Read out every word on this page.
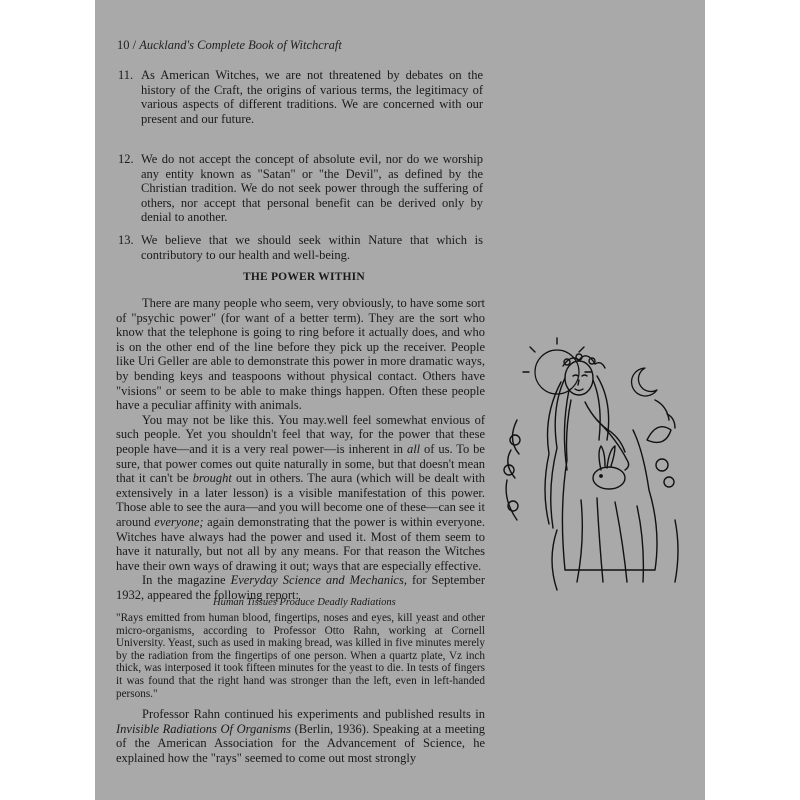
10 / Auckland's Complete Book of Witchcraft
11. As American Witches, we are not threatened by debates on the history of the Craft, the origins of various terms, the legitimacy of various aspects of different traditions. We are concerned with our present and our future.
12. We do not accept the concept of absolute evil, nor do we worship any entity known as "Satan" or "the Devil", as defined by the Christian tradition. We do not seek power through the suffering of others, nor accept that personal benefit can be derived only by denial to another.
13. We believe that we should seek within Nature that which is contributory to our health and well-being.
THE POWER WITHIN

There are many people who seem, very obviously, to have some sort of "psychic power" (for want of a better term). They are the sort who know that the telephone is going to ring before it actually does, and who is on the other end of the line before they pick up the receiver. People like Uri Geller are able to demonstrate this power in more dramatic ways, by bending keys and teaspoons without physical contact. Others have "visions" or seem to be able to make things happen. Often these people have a peculiar affinity with animals.

You may not be like this. You may.well feel somewhat envious of such people. Yet you shouldn't feel that way, for the power that these people have—and it is a very real power—is inherent in all of us. To be sure, that power comes out quite naturally in some, but that doesn't mean that it can't be brought out in others. The aura (which will be dealt with extensively in a later lesson) is a visible manifestation of this power. Those able to see the aura—and you will become one of these—can see it around everyone; again demonstrating that the power is within everyone. Witches have always had the power and used it. Most of them seem to have it naturally, but not all by any means. For that reason the Witches have their own ways of drawing it out; ways that are especially effective.

In the magazine Everyday Science and Mechanics, for September 1932, appeared the following report:

Human Tissues Produce Deadly Radiations
"Rays emitted from human blood, fingertips, noses and eyes, kill yeast and other micro-organisms, according to Professor Otto Rahn, working at Cornell University. Yeast, such as used in making bread, was killed in five minutes merely by the radiation from the fingertips of one person. When a quartz plate, Vz inch thick, was interposed it took fifteen minutes for the yeast to die. In tests of fingers it was found that the right hand was stronger than the left, even in left-handed persons."

Professor Rahn continued his experiments and published results in Invisible Radiations Of Organisms (Berlin, 1936). Speaking at a meeting of the American Association for the Advancement of Science, he explained how the "rays" seemed to come out most strongly
